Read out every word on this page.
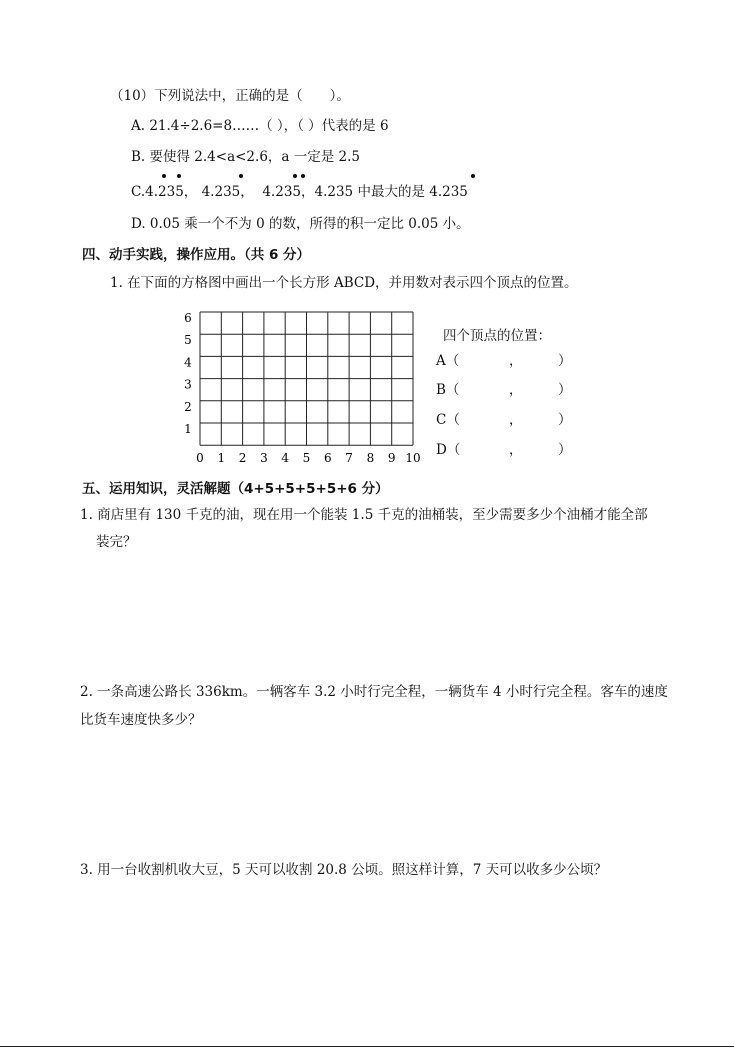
（10）下列说法中，正确的是（　　）。
A. 21.4÷2.6=8……（ ），（ ）代表的是 6
B. 要使得 2.4<a<2.6，a 一定是 2.5
C.4.235， 4.235， 4.235，4.235 中最大的是 4.235
D. 0.05 乘一个不为 0 的数，所得的积一定比 0.05 小。
四、动手实践，操作应用。（共 6 分）
1. 在下面的方格图中画出一个长方形 ABCD，并用数对表示四个顶点的位置。
0 1 2 3 4 5 6 7 8 9 10
1
2
3
4
5
6
四个顶点的位置：
A（	，	）
B（	，	）
C（	，	）
D（	，	）
五、运用知识，灵活解题（4+5+5+5+5+6 分）
1. 商店里有 130 千克的油，现在用一个能装 1.5 千克的油桶装，至少需要多少个油桶才能全部
装完？
2. 一条高速公路长 336km。一辆客车 3.2 小时行完全程，一辆货车 4 小时行完全程。客车的速度
比货车速度快多少？
3. 用一台收割机收大豆，5 天可以收割 20.8 公顷。照这样计算，7 天可以收多少公顷？
